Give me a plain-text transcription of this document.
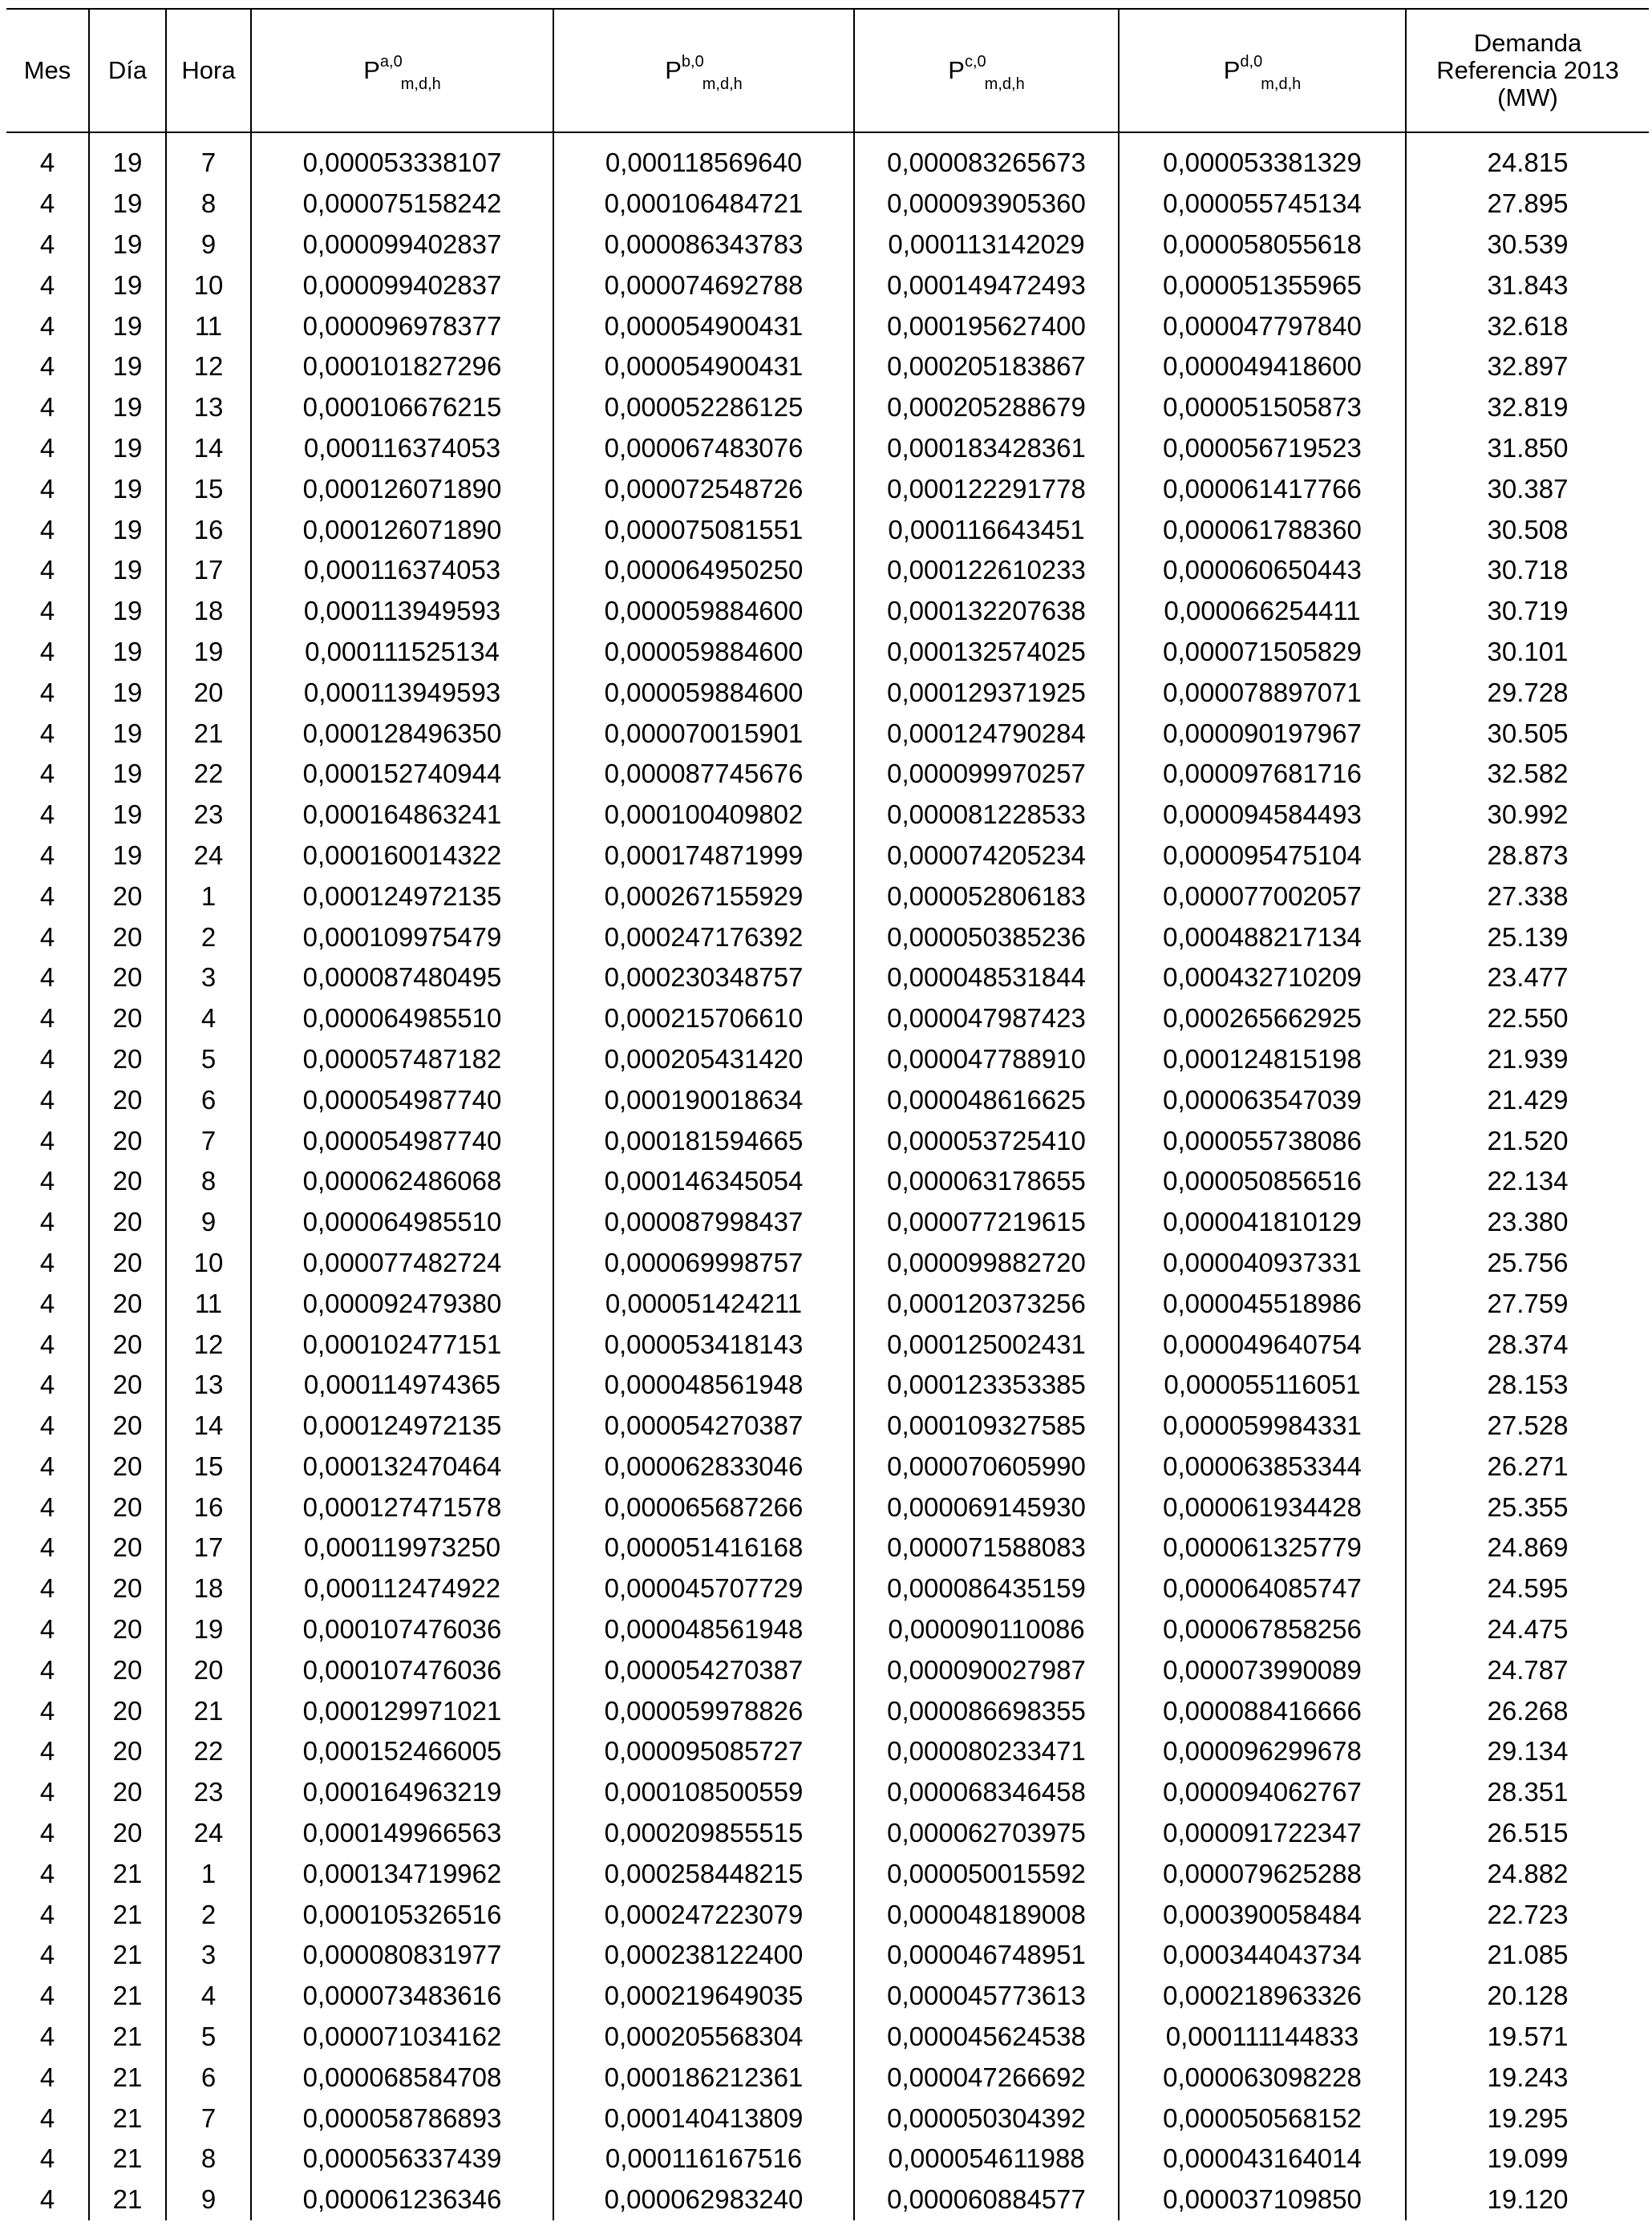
Mes	Día	Hora	P$^{a,0}_{m,d,h}$	P$^{b,0}_{m,d,h}$	P$^{c,0}_{m,d,h}$	P$^{d,0}_{m,d,h}$	Demanda
Referencia 2013
(MW)

4	19	7	0,000053338107	0,000118569640	0,000083265673	0,000053381329	24.815
4	19	8	0,000075158242	0,000106484721	0,000093905360	0,000055745134	27.895
4	19	9	0,000099402837	0,000086343783	0,000113142029	0,000058055618	30.539
4	19	10	0,000099402837	0,000074692788	0,000149472493	0,000051355965	31.843
4	19	11	0,000096978377	0,000054900431	0,000195627400	0,000047797840	32.618
4	19	12	0,000101827296	0,000054900431	0,000205183867	0,000049418600	32.897
4	19	13	0,000106676215	0,000052286125	0,000205288679	0,000051505873	32.819
4	19	14	0,000116374053	0,000067483076	0,000183428361	0,000056719523	31.850
4	19	15	0,000126071890	0,000072548726	0,000122291778	0,000061417766	30.387
4	19	16	0,000126071890	0,000075081551	0,000116643451	0,000061788360	30.508
4	19	17	0,000116374053	0,000064950250	0,000122610233	0,000060650443	30.718
4	19	18	0,000113949593	0,000059884600	0,000132207638	0,000066254411	30.719
4	19	19	0,000111525134	0,000059884600	0,000132574025	0,000071505829	30.101
4	19	20	0,000113949593	0,000059884600	0,000129371925	0,000078897071	29.728
4	19	21	0,000128496350	0,000070015901	0,000124790284	0,000090197967	30.505
4	19	22	0,000152740944	0,000087745676	0,000099970257	0,000097681716	32.582
4	19	23	0,000164863241	0,000100409802	0,000081228533	0,000094584493	30.992
4	19	24	0,000160014322	0,000174871999	0,000074205234	0,000095475104	28.873
4	20	1	0,000124972135	0,000267155929	0,000052806183	0,000077002057	27.338
4	20	2	0,000109975479	0,000247176392	0,000050385236	0,000488217134	25.139
4	20	3	0,000087480495	0,000230348757	0,000048531844	0,000432710209	23.477
4	20	4	0,000064985510	0,000215706610	0,000047987423	0,000265662925	22.550
4	20	5	0,000057487182	0,000205431420	0,000047788910	0,000124815198	21.939
4	20	6	0,000054987740	0,000190018634	0,000048616625	0,000063547039	21.429
4	20	7	0,000054987740	0,000181594665	0,000053725410	0,000055738086	21.520
4	20	8	0,000062486068	0,000146345054	0,000063178655	0,000050856516	22.134
4	20	9	0,000064985510	0,000087998437	0,000077219615	0,000041810129	23.380
4	20	10	0,000077482724	0,000069998757	0,000099882720	0,000040937331	25.756
4	20	11	0,000092479380	0,000051424211	0,000120373256	0,000045518986	27.759
4	20	12	0,000102477151	0,000053418143	0,000125002431	0,000049640754	28.374
4	20	13	0,000114974365	0,000048561948	0,000123353385	0,000055116051	28.153
4	20	14	0,000124972135	0,000054270387	0,000109327585	0,000059984331	27.528
4	20	15	0,000132470464	0,000062833046	0,000070605990	0,000063853344	26.271
4	20	16	0,000127471578	0,000065687266	0,000069145930	0,000061934428	25.355
4	20	17	0,000119973250	0,000051416168	0,000071588083	0,000061325779	24.869
4	20	18	0,000112474922	0,000045707729	0,000086435159	0,000064085747	24.595
4	20	19	0,000107476036	0,000048561948	0,000090110086	0,000067858256	24.475
4	20	20	0,000107476036	0,000054270387	0,000090027987	0,000073990089	24.787
4	20	21	0,000129971021	0,000059978826	0,000086698355	0,000088416666	26.268
4	20	22	0,000152466005	0,000095085727	0,000080233471	0,000096299678	29.134
4	20	23	0,000164963219	0,000108500559	0,000068346458	0,000094062767	28.351
4	20	24	0,000149966563	0,000209855515	0,000062703975	0,000091722347	26.515
4	21	1	0,000134719962	0,000258448215	0,000050015592	0,000079625288	24.882
4	21	2	0,000105326516	0,000247223079	0,000048189008	0,000390058484	22.723
4	21	3	0,000080831977	0,000238122400	0,000046748951	0,000344043734	21.085
4	21	4	0,000073483616	0,000219649035	0,000045773613	0,000218963326	20.128
4	21	5	0,000071034162	0,000205568304	0,000045624538	0,000111144833	19.571
4	21	6	0,000068584708	0,000186212361	0,000047266692	0,000063098228	19.243
4	21	7	0,000058786893	0,000140413809	0,000050304392	0,000050568152	19.295
4	21	8	0,000056337439	0,000116167516	0,000054611988	0,000043164014	19.099
4	21	9	0,000061236346	0,000062983240	0,000060884577	0,000037109850	19.120
